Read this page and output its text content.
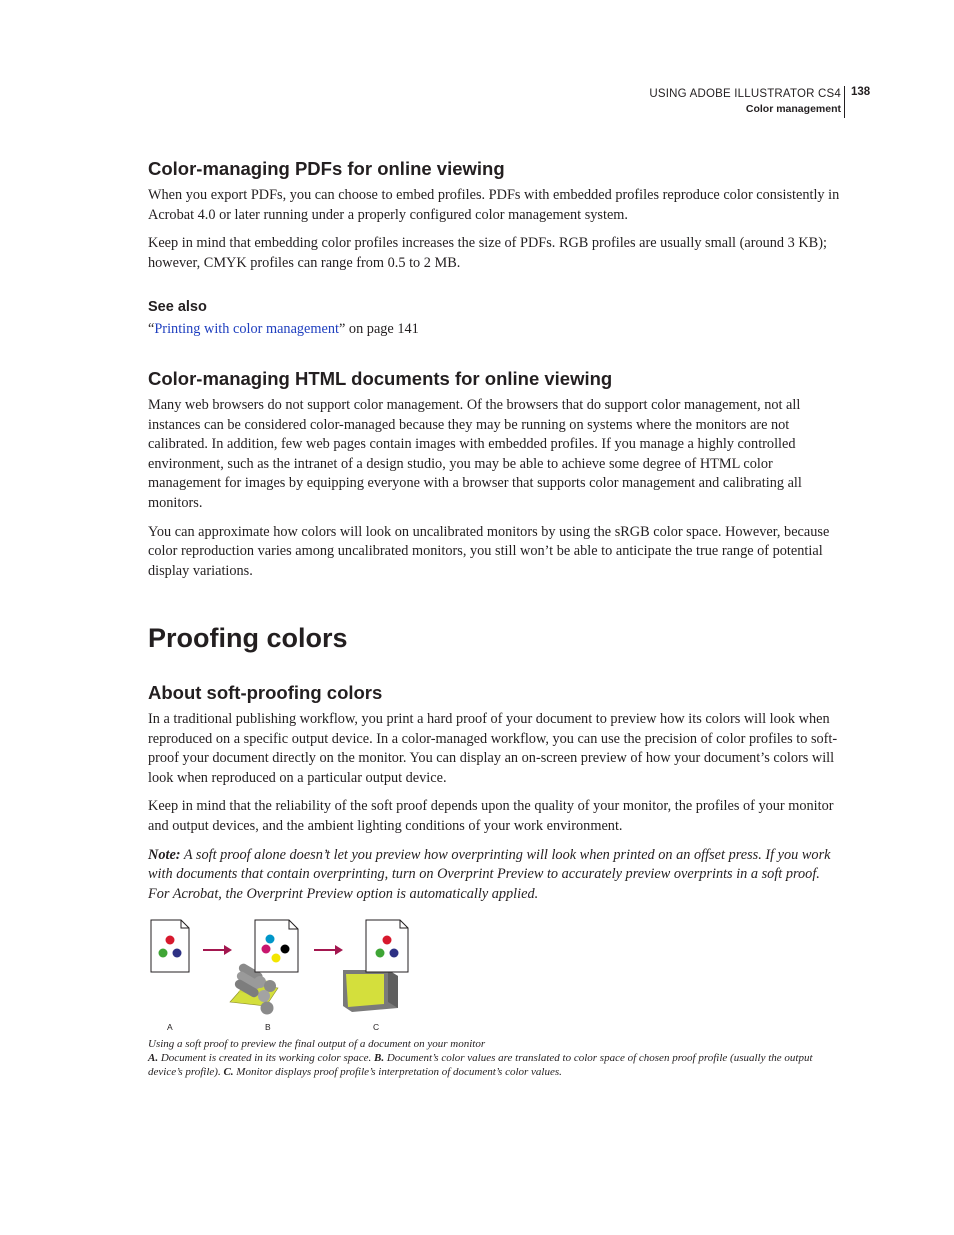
USING ADOBE ILLUSTRATOR CS4
Color management
138
Color-managing PDFs for online viewing

When you export PDFs, you can choose to embed profiles. PDFs with embedded profiles reproduce color consistently in Acrobat 4.0 or later running under a properly configured color management system.

Keep in mind that embedding color profiles increases the size of PDFs. RGB profiles are usually small (around 3 KB); however, CMYK profiles can range from 0.5 to 2 MB.

See also

“Printing with color management” on page 141

Color-managing HTML documents for online viewing

Many web browsers do not support color management. Of the browsers that do support color management, not all instances can be considered color-managed because they may be running on systems where the monitors are not calibrated. In addition, few web pages contain images with embedded profiles. If you manage a highly controlled environment, such as the intranet of a design studio, you may be able to achieve some degree of HTML color management for images by equipping everyone with a browser that supports color management and calibrating all monitors.

You can approximate how colors will look on uncalibrated monitors by using the sRGB color space. However, because color reproduction varies among uncalibrated monitors, you still won’t be able to anticipate the true range of potential display variations.

Proofing colors
About soft-proofing colors

In a traditional publishing workflow, you print a hard proof of your document to preview how its colors will look when reproduced on a specific output device. In a color-managed workflow, you can use the precision of color profiles to soft-proof your document directly on the monitor. You can display an on-screen preview of how your document’s colors will look when reproduced on a particular output device.

Keep in mind that the reliability of the soft proof depends upon the quality of your monitor, the profiles of your monitor and output devices, and the ambient lighting conditions of your work environment.

Note: A soft proof alone doesn’t let you preview how overprinting will look when printed on an offset press. If you work with documents that contain overprinting, turn on Overprint Preview to accurately preview overprints in a soft proof. For Acrobat, the Overprint Preview option is automatically applied.

A	B	C
Using a soft proof to preview the final output of a document on your monitor
A. Document is created in its working color space. B. Document’s color values are translated to color space of chosen proof profile (usually the output device’s profile). C. Monitor displays proof profile’s interpretation of document’s color values.
